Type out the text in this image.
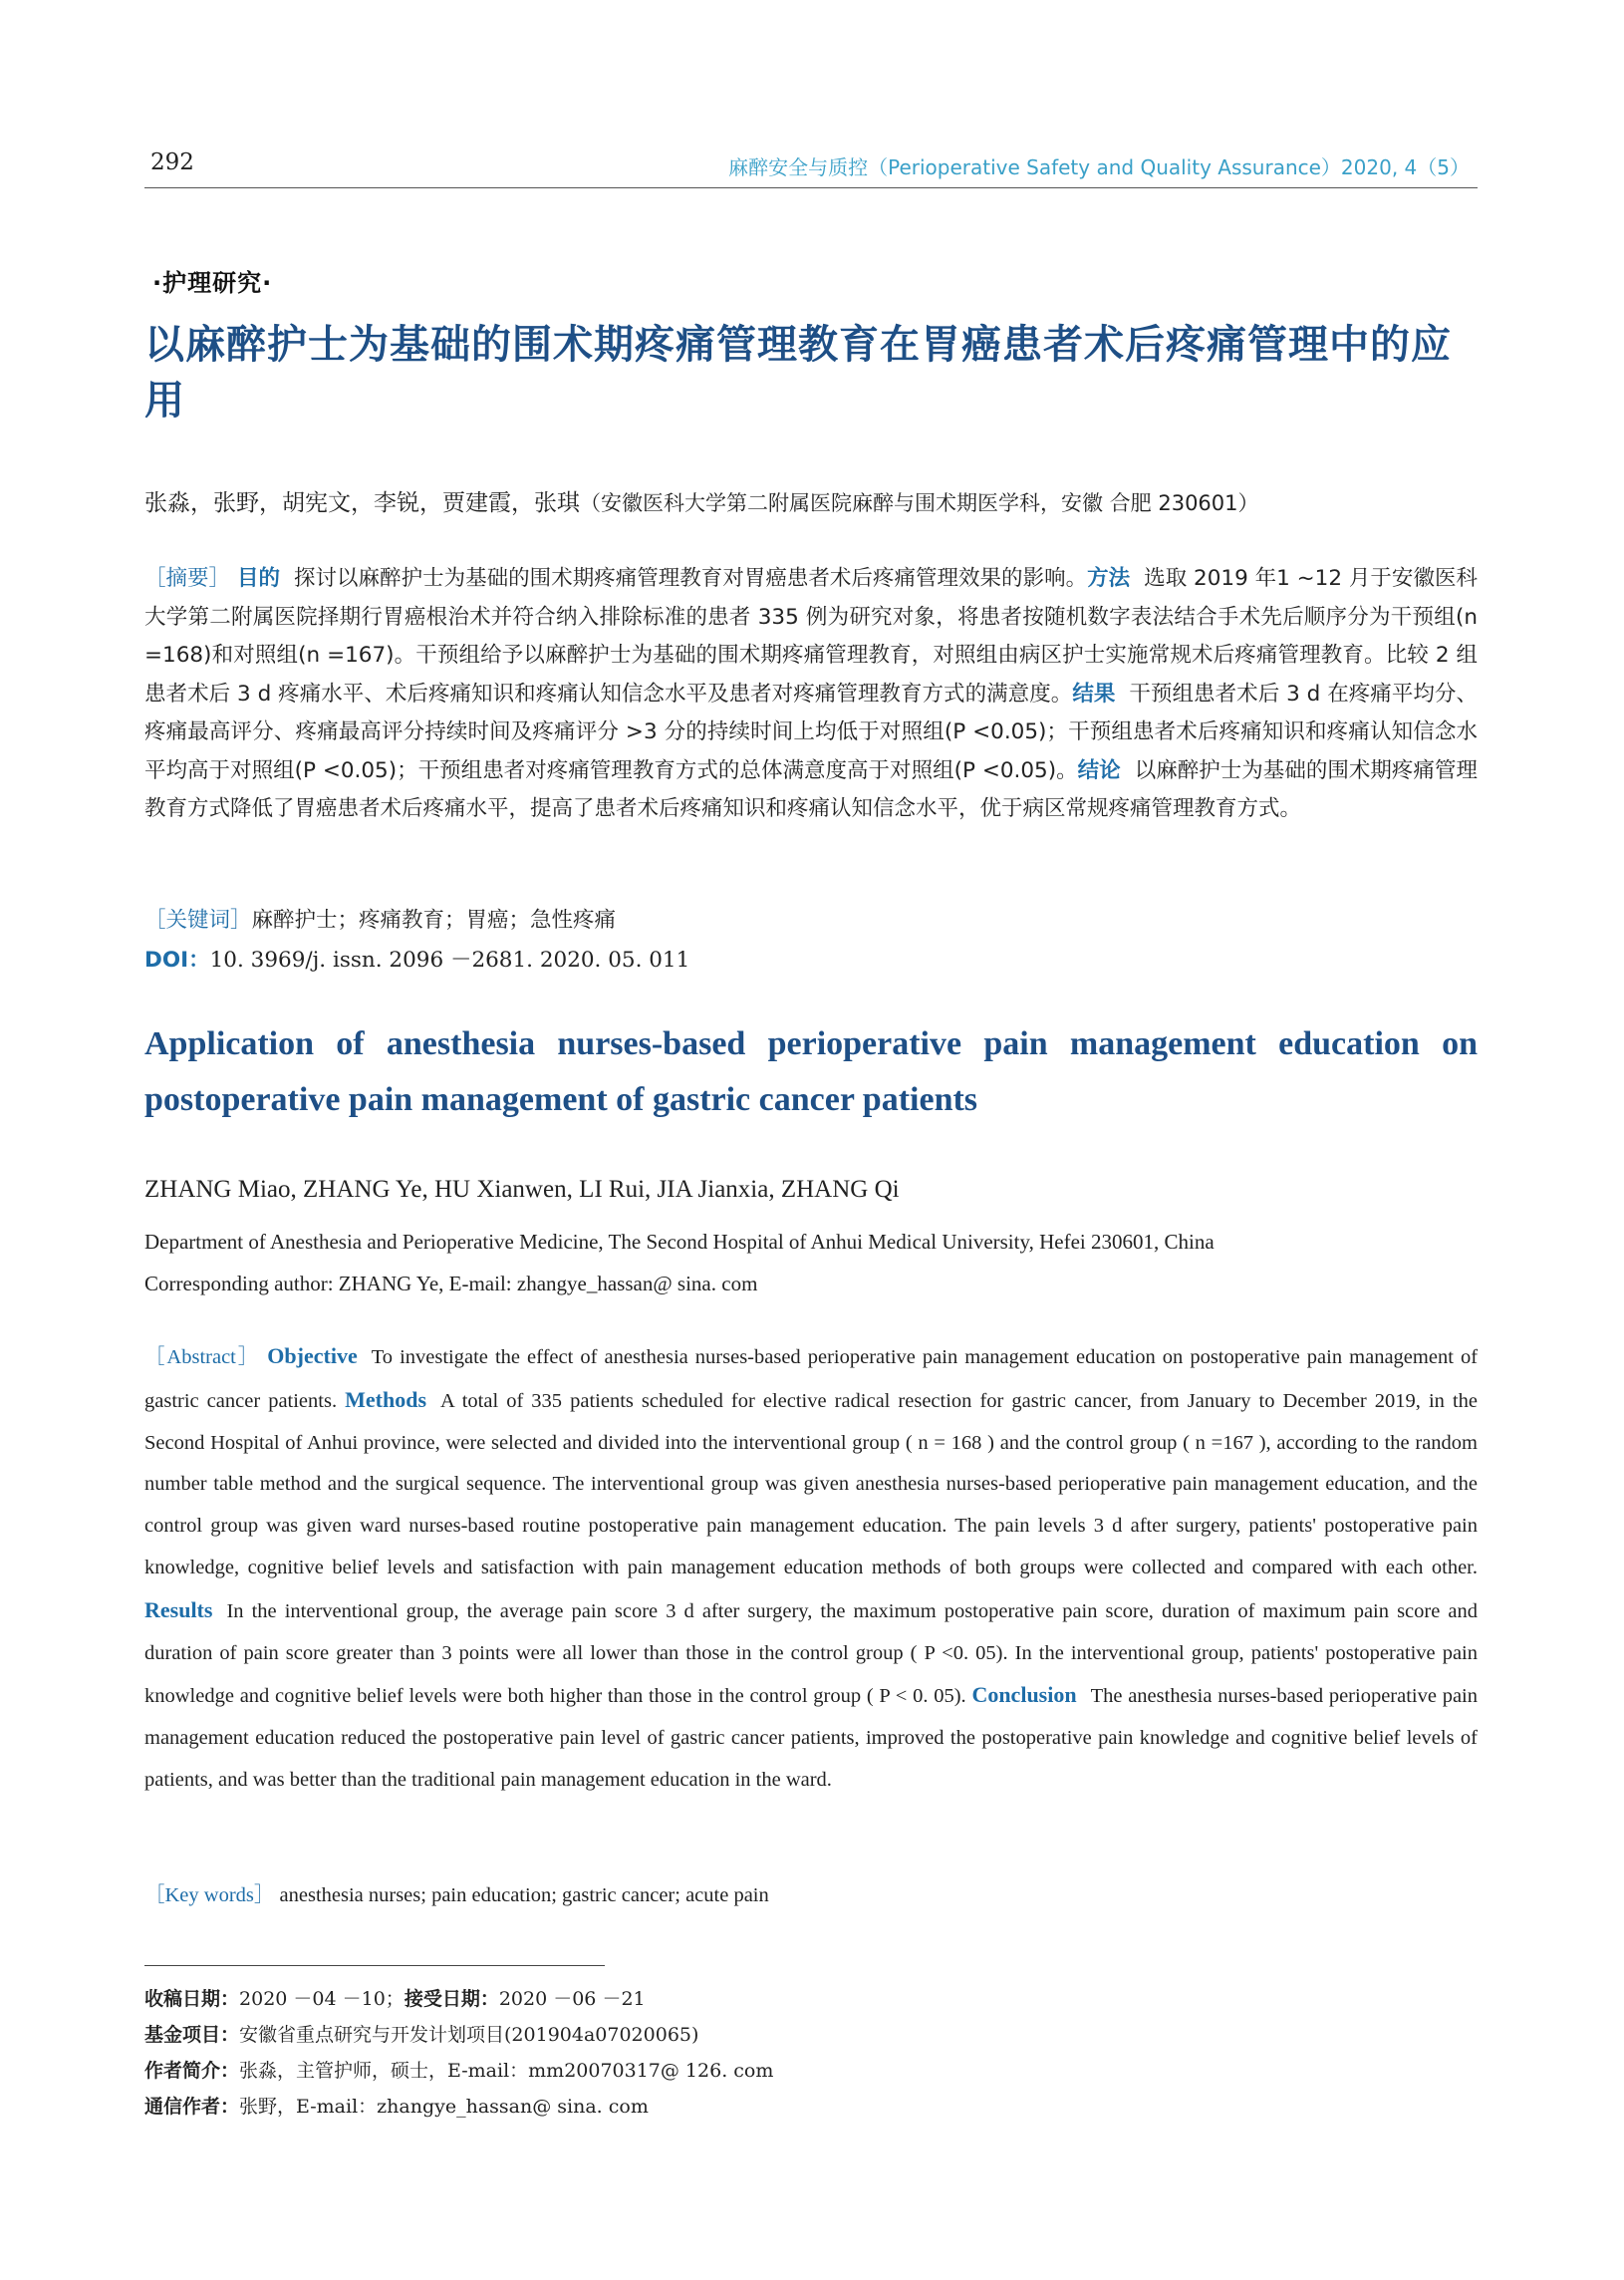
292	麻醉安全与质控（Perioperative Safety and Quality Assurance）2020, 4（5）
·护理研究·
以麻醉护士为基础的围术期疼痛管理教育在胃癌患者术后疼痛管理中的应用
张淼，张野，胡宪文，李锐，贾建霞，张琪（安徽医科大学第二附属医院麻醉与围术期医学科，安徽 合肥 230601）
［摘要］ 目的 探讨以麻醉护士为基础的围术期疼痛管理教育对胃癌患者术后疼痛管理效果的影响。方法 选取 2019 年1 ~12 月于安徽医科大学第二附属医院择期行胃癌根治术并符合纳入排除标准的患者 335 例为研究对象，将患者按随机数字表法结合手术先后顺序分为干预组(n =168)和对照组(n =167)。干预组给予以麻醉护士为基础的围术期疼痛管理教育，对照组由病区护士实施常规术后疼痛管理教育。比较 2 组患者术后 3 d 疼痛水平、术后疼痛知识和疼痛认知信念水平及患者对疼痛管理教育方式的满意度。结果 干预组患者术后 3 d 在疼痛平均分、疼痛最高评分、疼痛最高评分持续时间及疼痛评分 >3 分的持续时间上均低于对照组(P <0.05)；干预组患者术后疼痛知识和疼痛认知信念水平均高于对照组(P <0.05)；干预组患者对疼痛管理教育方式的总体满意度高于对照组(P <0.05)。结论 以麻醉护士为基础的围术期疼痛管理教育方式降低了胃癌患者术后疼痛水平，提高了患者术后疼痛知识和疼痛认知信念水平，优于病区常规疼痛管理教育方式。
［关键词］麻醉护士；疼痛教育；胃癌；急性疼痛
DOI：10. 3969/j. issn. 2096 －2681. 2020. 05. 011
Application of anesthesia nurses-based perioperative pain management education on postoperative pain management of gastric cancer patients
ZHANG Miao, ZHANG Ye, HU Xianwen, LI Rui, JIA Jianxia, ZHANG Qi
Department of Anesthesia and Perioperative Medicine, The Second Hospital of Anhui Medical University, Hefei 230601, China
Corresponding author: ZHANG Ye, E-mail: zhangye_hassan@ sina. com
［Abstract］ Objective To investigate the effect of anesthesia nurses-based perioperative pain management education on postoperative pain management of gastric cancer patients. Methods A total of 335 patients scheduled for elective radical resection for gastric cancer, from January to December 2019, in the Second Hospital of Anhui province, were selected and divided into the interventional group ( n = 168 ) and the control group ( n =167 ), according to the random number table method and the surgical sequence. The interventional group was given anesthesia nurses-based perioperative pain management education, and the control group was given ward nurses-based routine postoperative pain management education. The pain levels 3 d after surgery, patients' postoperative pain knowledge, cognitive belief levels and satisfaction with pain management education methods of both groups were collected and compared with each other. Results In the interventional group, the average pain score 3 d after surgery, the maximum postoperative pain score, duration of maximum pain score and duration of pain score greater than 3 points were all lower than those in the control group ( P <0. 05). In the interventional group, patients' postoperative pain knowledge and cognitive belief levels were both higher than those in the control group ( P < 0. 05). Conclusion The anesthesia nurses-based perioperative pain management education reduced the postoperative pain level of gastric cancer patients, improved the postoperative pain knowledge and cognitive belief levels of patients, and was better than the traditional pain management education in the ward.
［Key words］ anesthesia nurses; pain education; gastric cancer; acute pain
收稿日期：2020 －04 －10；接受日期：2020 －06 －21
基金项目：安徽省重点研究与开发计划项目(201904a07020065)
作者简介：张淼，主管护师，硕士，E-mail：mm20070317@ 126. com
通信作者：张野，E-mail：zhangye_hassan@ sina. com
